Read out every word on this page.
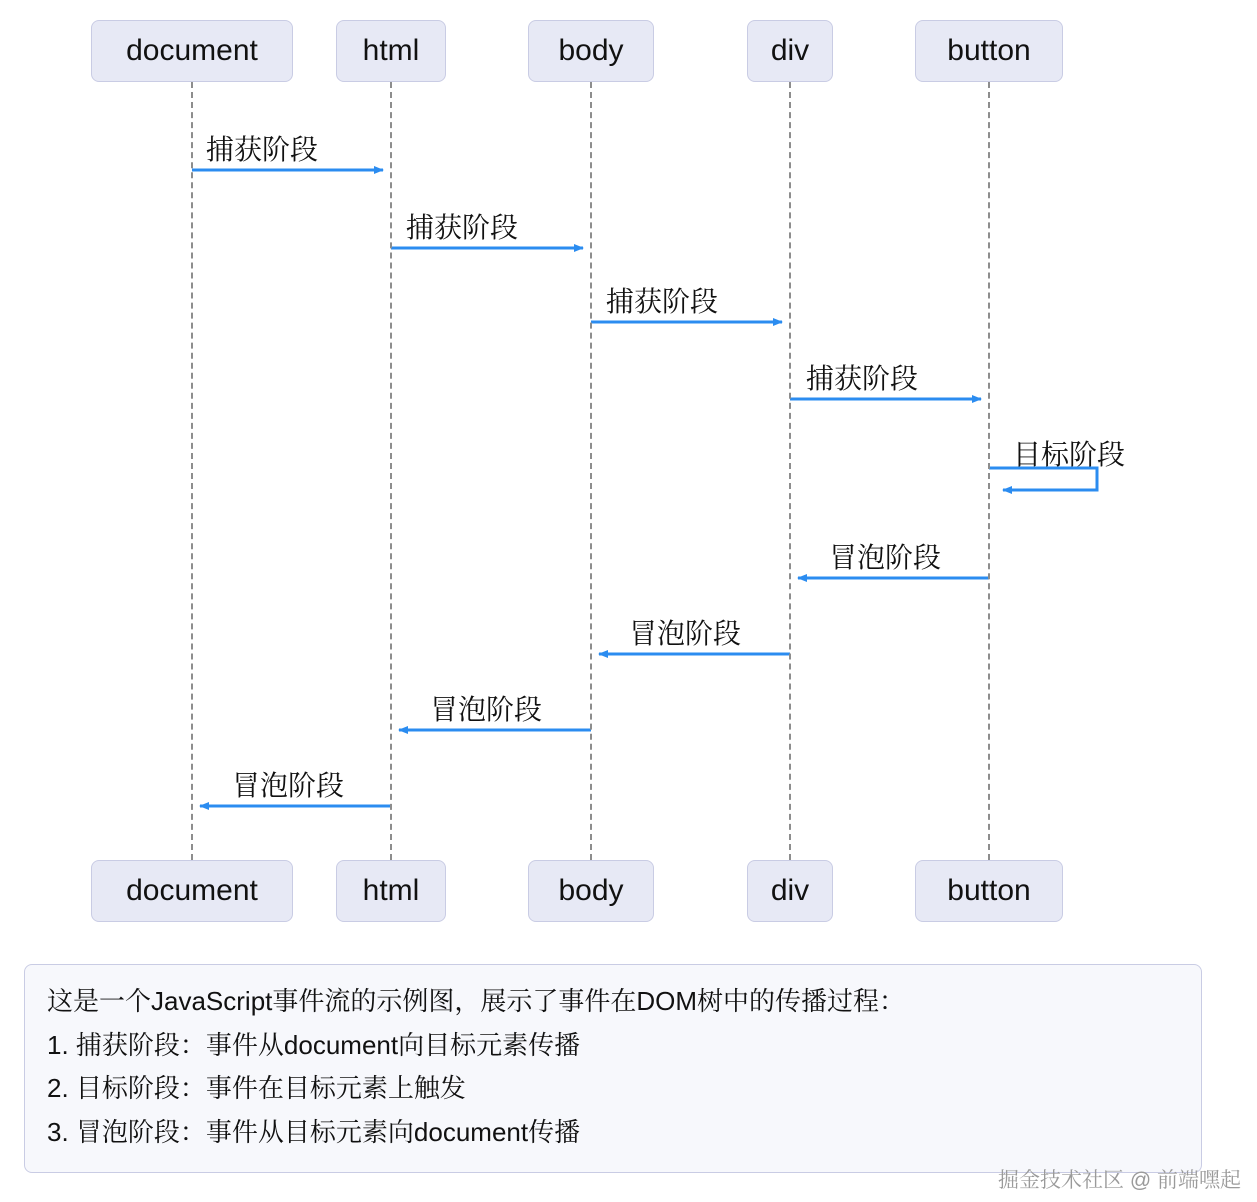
document
document
html
html
body
body
div
div
button
button
捕获阶段
捕获阶段
捕获阶段
捕获阶段
目标阶段
冒泡阶段
冒泡阶段
冒泡阶段
冒泡阶段

这是一个JavaScript事件流的示例图，展示了事件在DOM树中的传播过程：

1. 捕获阶段：事件从document向目标元素传播

2. 目标阶段：事件在目标元素上触发

3. 冒泡阶段：事件从目标元素向document传播

掘金技术社区 @ 前端嘿起
